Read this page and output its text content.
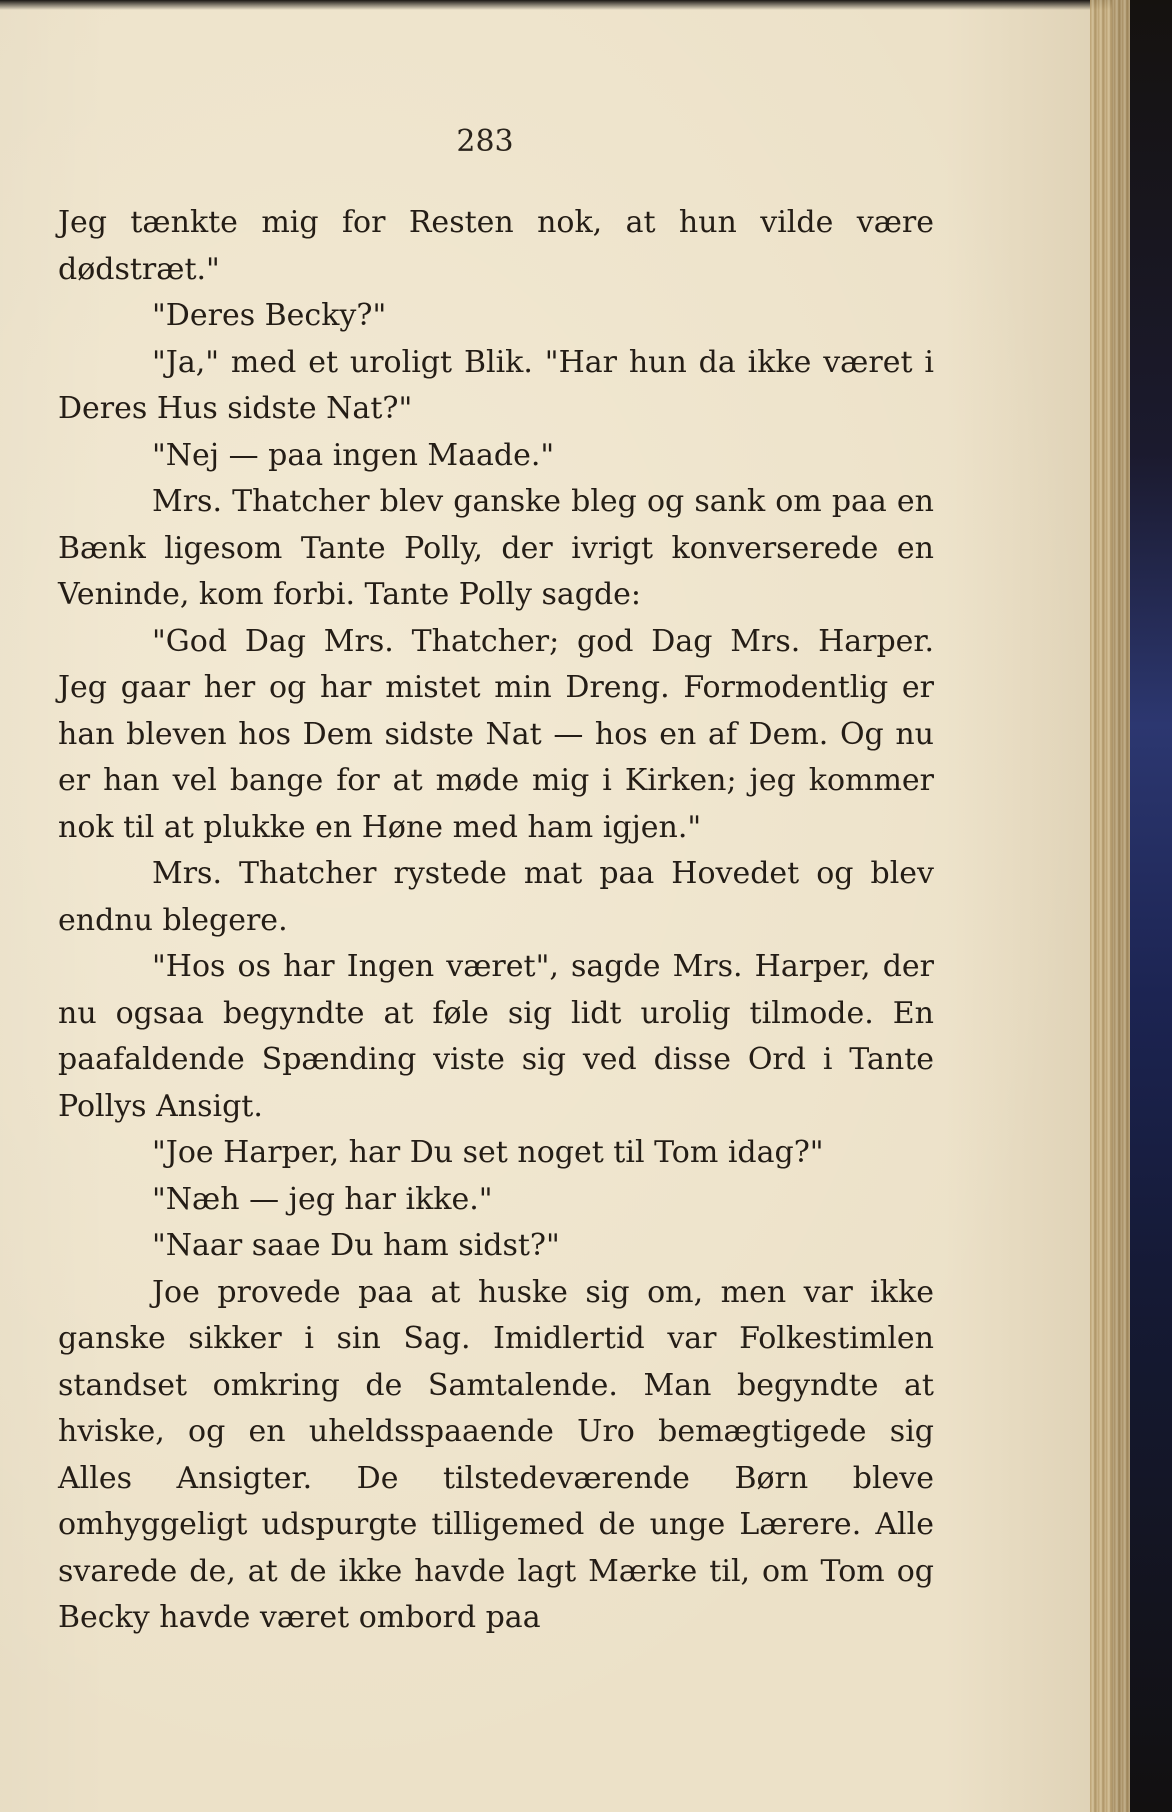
283

Jeg tænkte mig for Resten nok, at hun vilde være dødstræt."

"Deres Becky?"

"Ja," med et uroligt Blik. "Har hun da ikke været i Deres Hus sidste Nat?"

"Nej — paa ingen Maade."

Mrs. Thatcher blev ganske bleg og sank om paa en Bænk ligesom Tante Polly, der ivrigt konverserede en Veninde, kom forbi. Tante Polly sagde:

"God Dag Mrs. Thatcher; god Dag Mrs. Harper. Jeg gaar her og har mistet min Dreng. Formodentlig er han bleven hos Dem sidste Nat — hos en af Dem. Og nu er han vel bange for at møde mig i Kirken; jeg kommer nok til at plukke en Høne med ham igjen."

Mrs. Thatcher rystede mat paa Hovedet og blev endnu blegere.

"Hos os har Ingen været", sagde Mrs. Harper, der nu ogsaa begyndte at føle sig lidt urolig tilmode. En paafaldende Spænding viste sig ved disse Ord i Tante Pollys Ansigt.

"Joe Harper, har Du set noget til Tom idag?"

"Næh — jeg har ikke."

"Naar saae Du ham sidst?"

Joe provede paa at huske sig om, men var ikke ganske sikker i sin Sag. Imidlertid var Folkestimlen standset omkring de Samtalende. Man begyndte at hviske, og en uheldsspaaende Uro bemægtigede sig Alles Ansigter. De tilstedeværende Børn bleve omhyggeligt udspurgte tilligemed de unge Lærere. Alle svarede de, at de ikke havde lagt Mærke til, om Tom og Becky havde været ombord paa
